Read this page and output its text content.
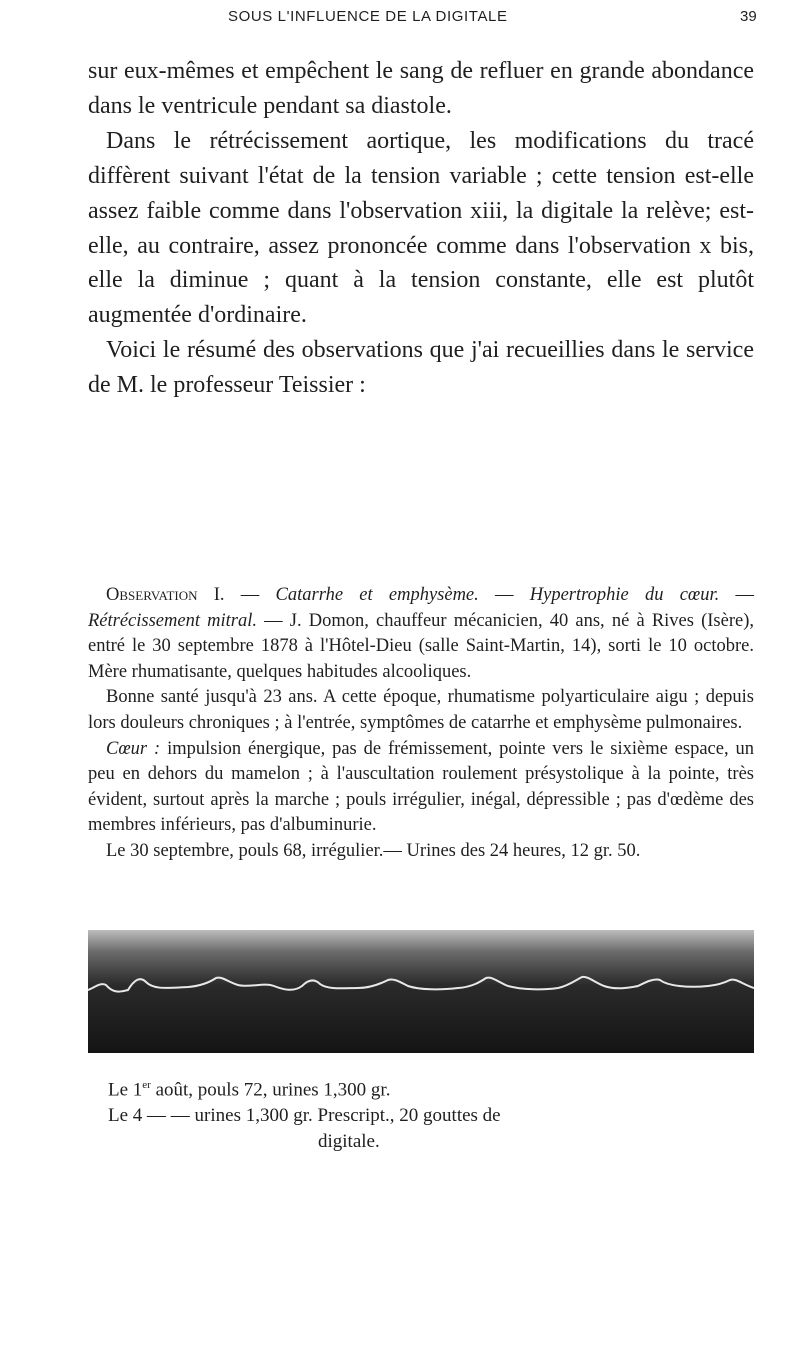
SOUS L'INFLUENCE DE LA DIGITALE	39

sur eux-mêmes et empêchent le sang de refluer en grande abondance dans le ventricule pendant sa diastole.

Dans le rétrécissement aortique, les modifications du tracé diffèrent suivant l'état de la tension variable ; cette tension est-elle assez faible comme dans l'observation xiii, la digitale la relève; est-elle, au contraire, assez prononcée comme dans l'observation x bis, elle la diminue ; quant à la tension constante, elle est plutôt augmentée d'ordinaire.

Voici le résumé des observations que j'ai recueillies dans le service de M. le professeur Teissier :

Observation I. — Catarrhe et emphysème. — Hypertrophie du cœur. — Rétrécissement mitral. — J. Domon, chauffeur mécanicien, 40 ans, né à Rives (Isère), entré le 30 septembre 1878 à l'Hôtel-Dieu (salle Saint-Martin, 14), sorti le 10 octobre. Mère rhumatisante, quelques habitudes alcooliques.

Bonne santé jusqu'à 23 ans. A cette époque, rhumatisme polyarticulaire aigu ; depuis lors douleurs chroniques ; à l'entrée, symptômes de catarrhe et emphysème pulmonaires.

Cœur : impulsion énergique, pas de frémissement, pointe vers le sixième espace, un peu en dehors du mamelon ; à l'auscultation roulement présystolique à la pointe, très évident, surtout après la marche ; pouls irrégulier, inégal, dépressible ; pas d'œdème des membres inférieurs, pas d'albuminurie.

Le 30 septembre, pouls 68, irrégulier.— Urines des 24 heures, 12 gr. 50.

Le 1er août, pouls 72, urines 1,300 gr.
Le 4 — — urines 1,300 gr. Prescript., 20 gouttes de
digitale.
